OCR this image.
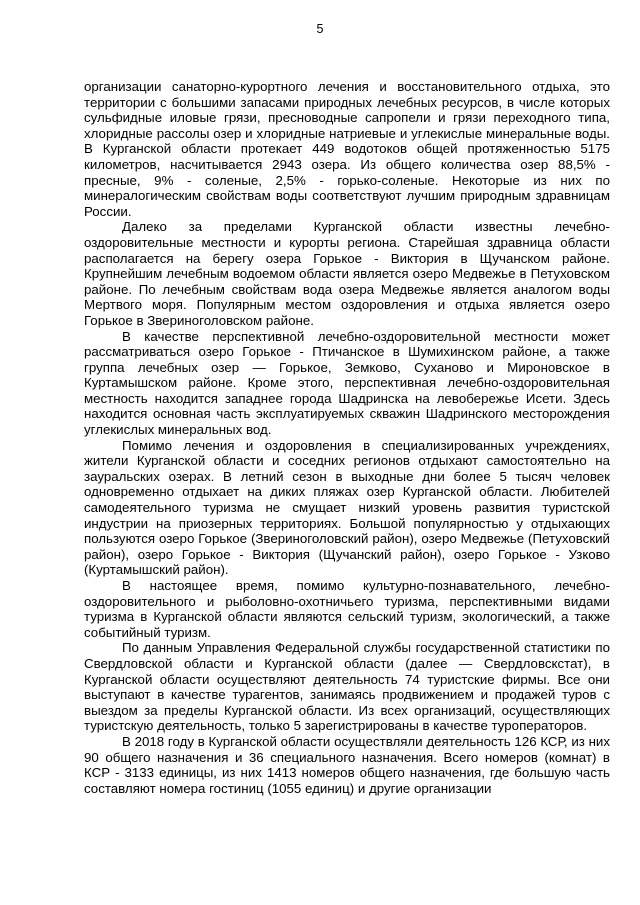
5

организации санаторно-курортного лечения и восстановительного отдыха, это территории с большими запасами природных лечебных ресурсов, в числе которых сульфидные иловые грязи, пресноводные сапропели и грязи переходного типа, хлоридные рассолы озер и хлоридные натриевые и углекислые минеральные воды. В Курганской области протекает 449 водотоков общей протяженностью 5175 километров, насчитывается 2943 озера. Из общего количества озер 88,5% - пресные, 9% - соленые, 2,5% - горько-соленые. Некоторые из них по минералогическим свойствам воды соответствуют лучшим природным здравницам России.

Далеко за пределами Курганской области известны лечебно-оздоровительные местности и курорты региона. Старейшая здравница области располагается на берегу озера Горькое - Виктория в Щучанском районе. Крупнейшим лечебным водоемом области является озеро Медвежье в Петуховском районе. По лечебным свойствам вода озера Медвежье является аналогом воды Мертвого моря. Популярным местом оздоровления и отдыха является озеро Горькое в Звериноголовском районе.

В качестве перспективной лечебно-оздоровительной местности может рассматриваться озеро Горькое - Птичанское в Шумихинском районе, а также группа лечебных озер — Горькое, Земково, Суханово и Мироновское в Куртамышском районе. Кроме этого, перспективная лечебно-оздоровительная местность находится западнее города Шадринска на левобережье Исети. Здесь находится основная часть эксплуатируемых скважин Шадринского месторождения углекислых минеральных вод.

Помимо лечения и оздоровления в специализированных учреждениях, жители Курганской области и соседних регионов отдыхают самостоятельно на зауральских озерах. В летний сезон в выходные дни более 5 тысяч человек одновременно отдыхает на диких пляжах озер Курганской области. Любителей самодеятельного туризма не смущает низкий уровень развития туристской индустрии на приозерных территориях. Большой популярностью у отдыхающих пользуются озеро Горькое (Звериноголовский район), озеро Медвежье (Петуховский район), озеро Горькое - Виктория (Щучанский район), озеро Горькое - Узково (Куртамышский район).

В настоящее время, помимо культурно-познавательного, лечебно-оздоровительного и рыболовно-охотничьего туризма, перспективными видами туризма в Курганской области являются сельский туризм, экологический, а также событийный туризм.

По данным Управления Федеральной службы государственной статистики по Свердловской области и Курганской области (далее — Свердловскстат), в Курганской области осуществляют деятельность 74 туристские фирмы. Все они выступают в качестве турагентов, занимаясь продвижением и продажей туров с выездом за пределы Курганской области. Из всех организаций, осуществляющих туристскую деятельность, только 5 зарегистрированы в качестве туроператоров.

В 2018 году в Курганской области осуществляли деятельность 126 КСР, из них 90 общего назначения и 36 специального назначения. Всего номеров (комнат) в КСР - 3133 единицы, из них 1413 номеров общего назначения, где большую часть составляют номера гостиниц (1055 единиц) и другие организации
